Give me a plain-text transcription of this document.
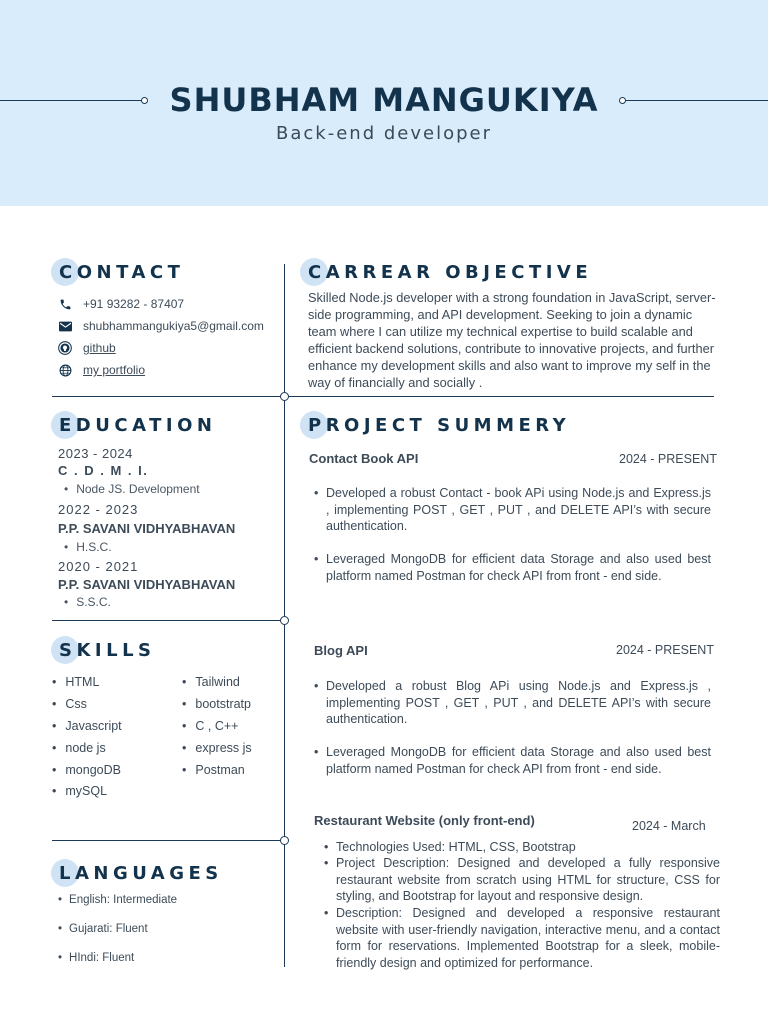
SHUBHAM MANGUKIYA
Back-end developer
CONTACT
+91 93282 - 87407
shubhammangukiya5@gmail.com
github
my portfolio
EDUCATION
2023 - 2024
C . D . M . I.
• Node JS. Development
2022 - 2023
P.P. SAVANI VIDHYABHAVAN
• H.S.C.
2020 - 2021
P.P. SAVANI VIDHYABHAVAN
• S.S.C.
SKILLS
• HTML
• Css
• Javascript
• node js
• mongoDB
• mySQL
• Tailwind
• bootstratp
• C , C++
• express js
• Postman
LANGUAGES
• English: Intermediate
• Gujarati: Fluent
• HIndi: Fluent
CARREAR OBJECTIVE
Skilled Node.js developer with a strong foundation in JavaScript, server-side programming, and API development. Seeking to join a dynamic team where I can utilize my technical expertise to build scalable and efficient backend solutions, contribute to innovative projects, and further enhance my development skills and also want to improve my self in the way of financially and socially .
PROJECT SUMMERY
Contact Book API	2024 - PRESENT
• Developed a robust Contact - book APi using Node.js and Express.js , implementing POST , GET , PUT , and DELETE API’s with secure authentication.
• Leveraged MongoDB for efficient data Storage and also used best platform named Postman for check API from front - end side.
Blog API	2024 - PRESENT
• Developed a robust Blog APi using Node.js and Express.js , implementing POST , GET , PUT , and DELETE API’s with secure authentication.
• Leveraged MongoDB for efficient data Storage and also used best platform named Postman for check API from front - end side.
Restaurant Website (only front-end)	2024 - March
• Technologies Used: HTML, CSS, Bootstrap
• Project Description: Designed and developed a fully responsive restaurant website from scratch using HTML for structure, CSS for styling, and Bootstrap for layout and responsive design.
• Description: Designed and developed a responsive restaurant website with user-friendly navigation, interactive menu, and a contact form for reservations. Implemented Bootstrap for a sleek, mobile-friendly design and optimized for performance.
